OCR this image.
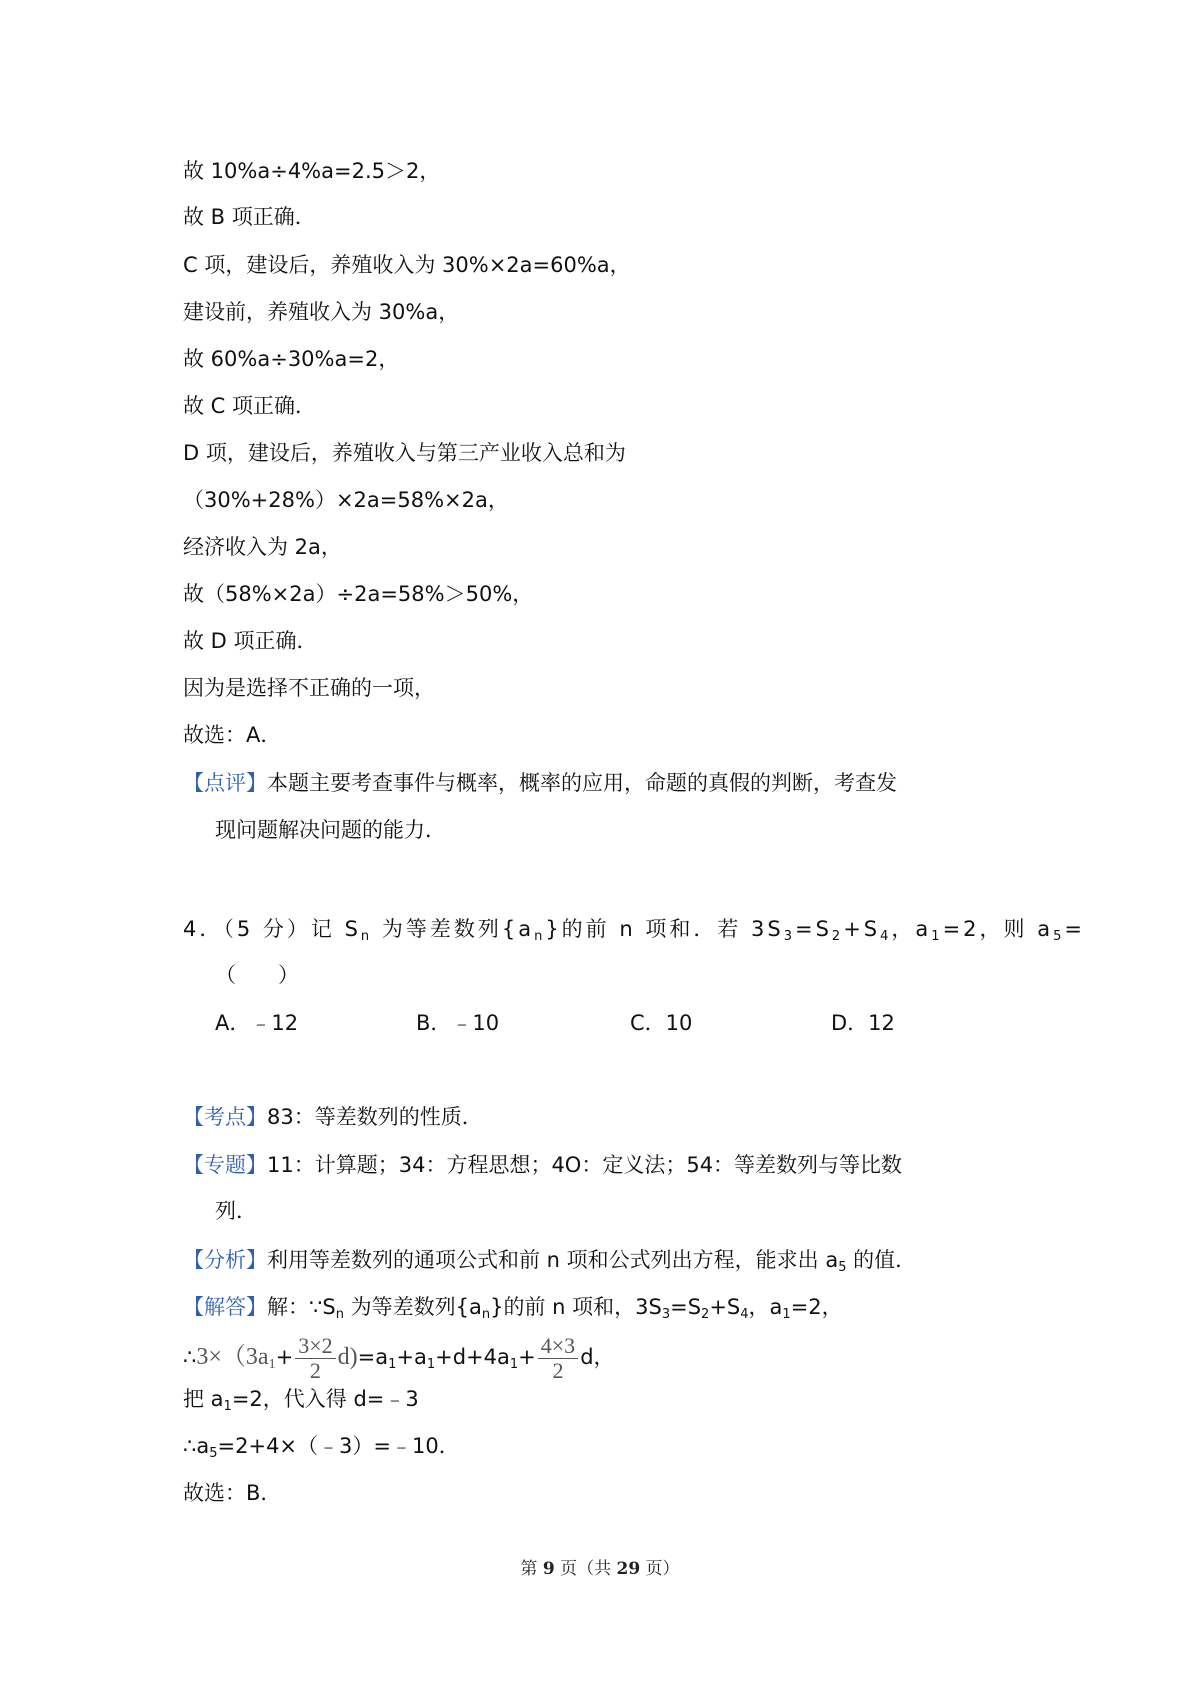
故 10%a÷4%a=2.5＞2，
故 B 项正确．
C 项，建设后，养殖收入为 30%×2a=60%a，
建设前，养殖收入为 30%a，
故 60%a÷30%a=2，
故 C 项正确．
D 项，建设后，养殖收入与第三产业收入总和为
（30%+28%）×2a=58%×2a，
经济收入为 2a，
故（58%×2a）÷2a=58%＞50%，
故 D 项正确．
因为是选择不正确的一项，
故选：A．
【点评】本题主要考查事件与概率，概率的应用，命题的真假的判断，考查发
现问题解决问题的能力．
4．（5 分）记 $S_n$ 为等差数列$\{a_n\}$的前 n 项和．若 $3S_3=S_2+S_4$，$a_1=2$，则 $a_5=$
（　　）
A．﹣12	B．﹣10	C．10	D．12
【考点】83：等差数列的性质．
【专题】11：计算题；34：方程思想；4O：定义法；54：等差数列与等比数
列．
【分析】利用等差数列的通项公式和前 n 项和公式列出方程，能求出 $a_5$ 的值．
【解答】解：$\because S_n$ 为等差数列$\{a_n\}$的前 n 项和，$3S_3=S_2+S_4$，$a_1=2$，
$\therefore 3\times(3a_1+ \frac{3\times 2}{2} d)=a_1+a_1+d+4a_1+ \frac{4\times 3}{2}$ d，
把 $a_1=2$，代入得 d=﹣3
$\therefore a_5=2+4\times(﹣3)=﹣10$．
故选：B．
第 9 页（共 29 页）
